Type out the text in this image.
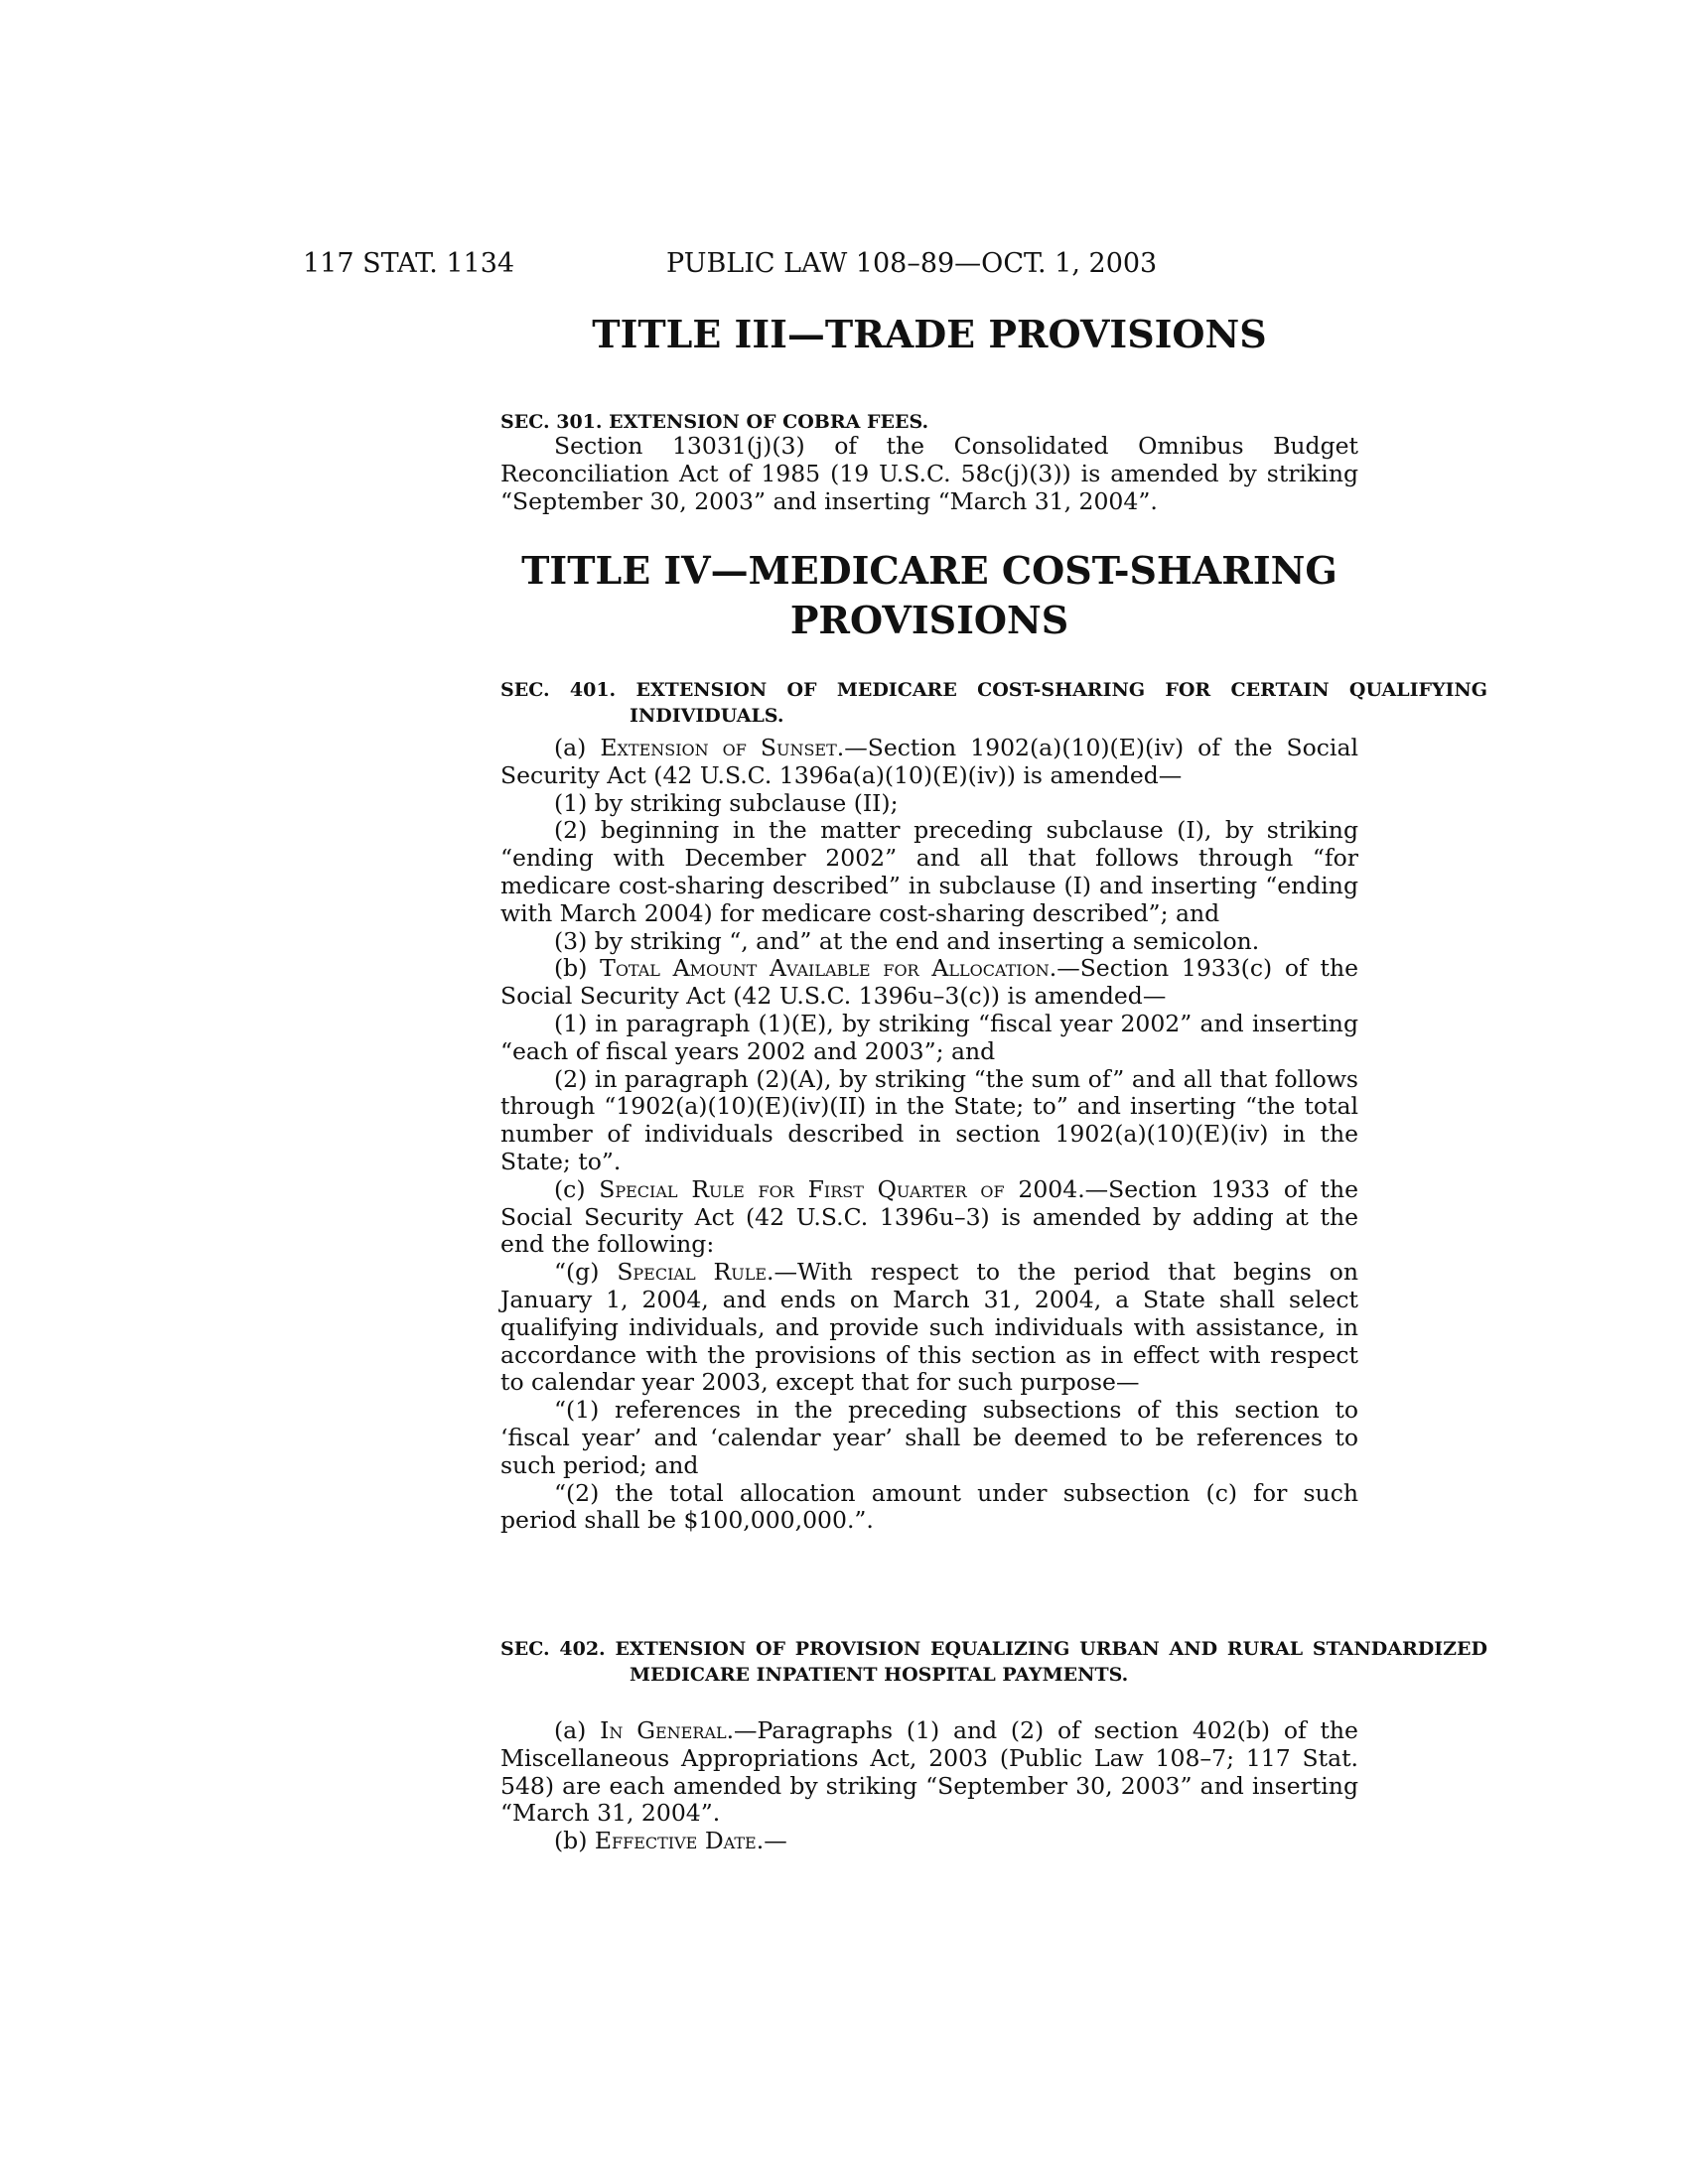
117 STAT. 1134	PUBLIC LAW 108–89—OCT. 1, 2003
TITLE III—TRADE PROVISIONS
SEC. 301. EXTENSION OF COBRA FEES.

Section 13031(j)(3) of the Consolidated Omnibus Budget Reconciliation Act of 1985 (19 U.S.C. 58c(j)(3)) is amended by striking “September 30, 2003” and inserting “March 31, 2004”.

TITLE IV—MEDICARE COST-SHARING
PROVISIONS
SEC. 401. EXTENSION OF MEDICARE COST-SHARING FOR CERTAIN QUALIFYING INDIVIDUALS.

(a) Extension of Sunset.—Section 1902(a)(10)(E)(iv) of the Social Security Act (42 U.S.C. 1396a(a)(10)(E)(iv)) is amended—

(1) by striking subclause (II);

(2) beginning in the matter preceding subclause (I), by striking “ending with December 2002” and all that follows through “for medicare cost-sharing described” in subclause (I) and inserting “ending with March 2004) for medicare cost-sharing described”; and

(3) by striking “, and” at the end and inserting a semicolon.

(b) Total Amount Available for Allocation.—Section 1933(c) of the Social Security Act (42 U.S.C. 1396u–3(c)) is amended—

(1) in paragraph (1)(E), by striking “fiscal year 2002” and inserting “each of fiscal years 2002 and 2003”; and

(2) in paragraph (2)(A), by striking “the sum of” and all that follows through “1902(a)(10)(E)(iv)(II) in the State; to” and inserting “the total number of individuals described in section 1902(a)(10)(E)(iv) in the State; to”.

(c) Special Rule for First Quarter of 2004.—Section 1933 of the Social Security Act (42 U.S.C. 1396u–3) is amended by adding at the end the following:

“(g) Special Rule.—With respect to the period that begins on January 1, 2004, and ends on March 31, 2004, a State shall select qualifying individuals, and provide such individuals with assistance, in accordance with the provisions of this section as in effect with respect to calendar year 2003, except that for such purpose—

“(1) references in the preceding subsections of this section to ‘fiscal year’ and ‘calendar year’ shall be deemed to be references to such period; and

“(2) the total allocation amount under subsection (c) for such period shall be $100,000,000.”.

SEC. 402. EXTENSION OF PROVISION EQUALIZING URBAN AND RURAL STANDARDIZED MEDICARE INPATIENT HOSPITAL PAYMENTS.

(a) In General.—Paragraphs (1) and (2) of section 402(b) of the Miscellaneous Appropriations Act, 2003 (Public Law 108–7; 117 Stat. 548) are each amended by striking “September 30, 2003” and inserting “March 31, 2004”.

(b) Effective Date.—
